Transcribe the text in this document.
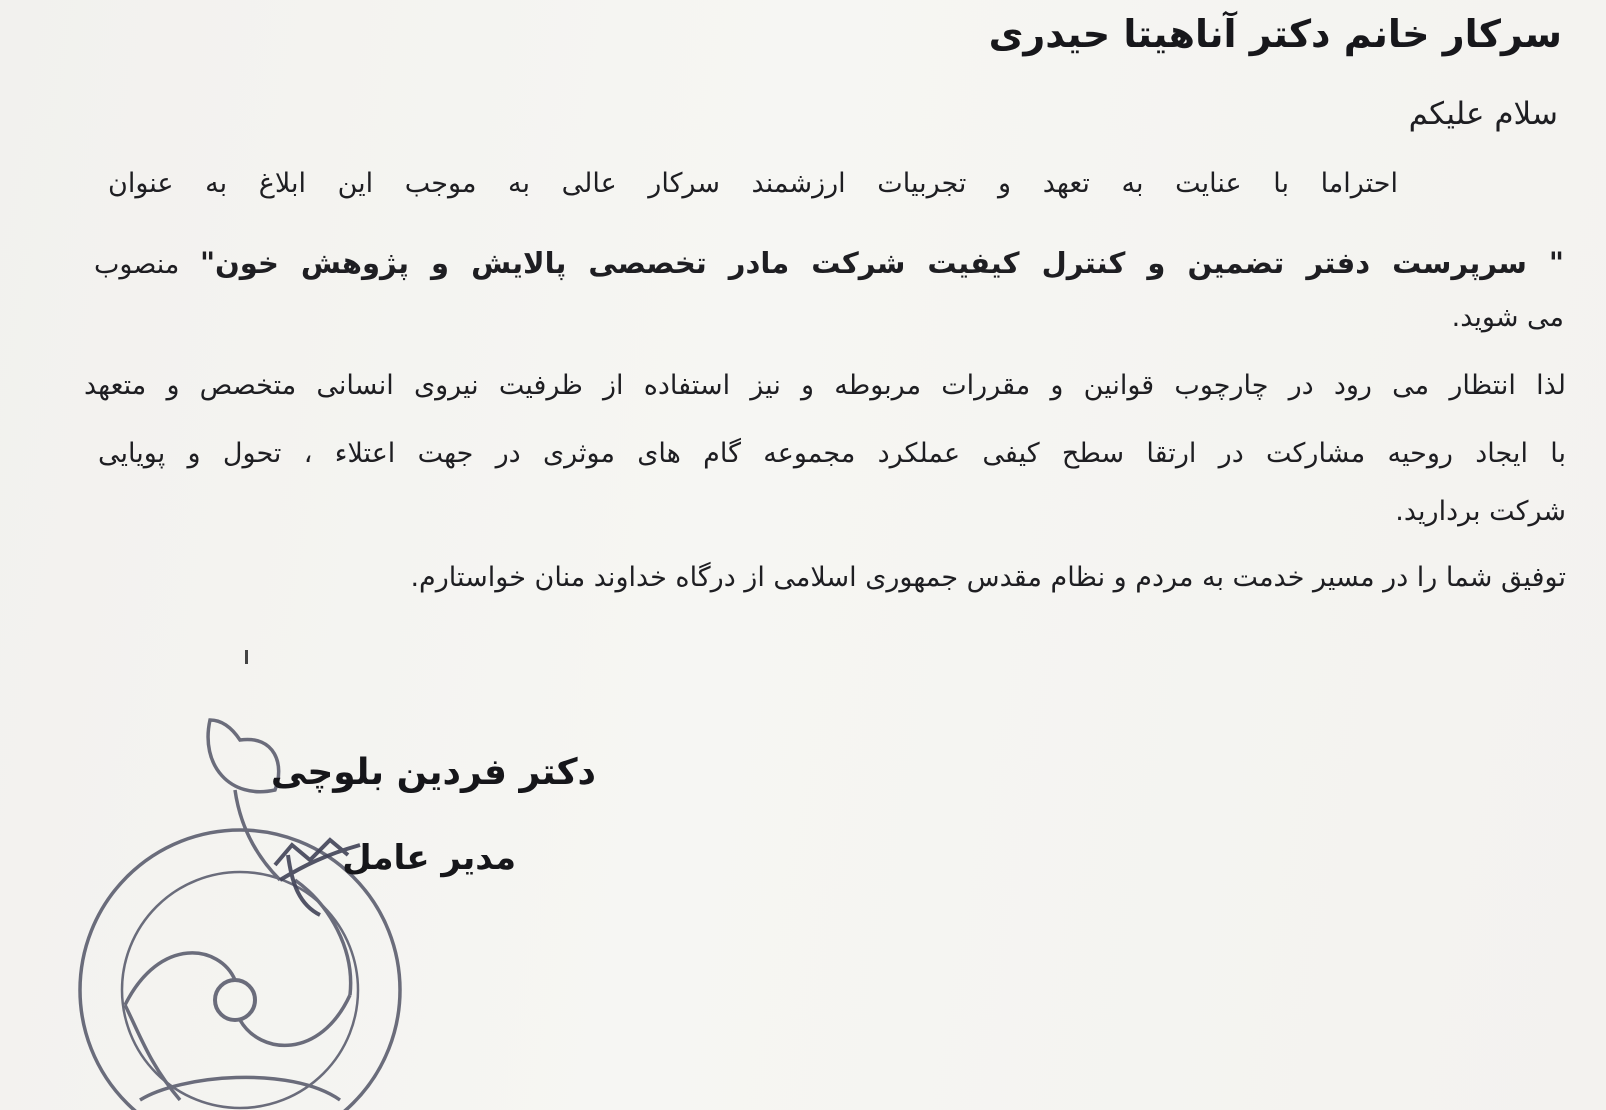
سرکار خانم دکتر آناهیتا حیدری
سلام علیکم
احتراما با عنایت به تعهد و تجربیات ارزشمند سرکار عالی به موجب این ابلاغ به عنوان
" سرپرست دفتر تضمین و کنترل کیفیت شرکت مادر تخصصی پالایش و پژوهش خون" منصوب
می شوید.
لذا انتظار می رود در چارچوب قوانین و مقررات مربوطه و نیز استفاده از ظرفیت نیروی انسانی متخصص و متعهد
با ایجاد روحیه مشارکت در ارتقا سطح کیفی عملکرد مجموعه گام های موثری در جهت اعتلاء ، تحول و پویایی
شرکت بردارید.
توفیق شما را در مسیر خدمت به مردم و نظام مقدس جمهوری اسلامی از درگاه خداوند منان خواستارم.
دکتر فردین بلوچی
مدیر عامل
